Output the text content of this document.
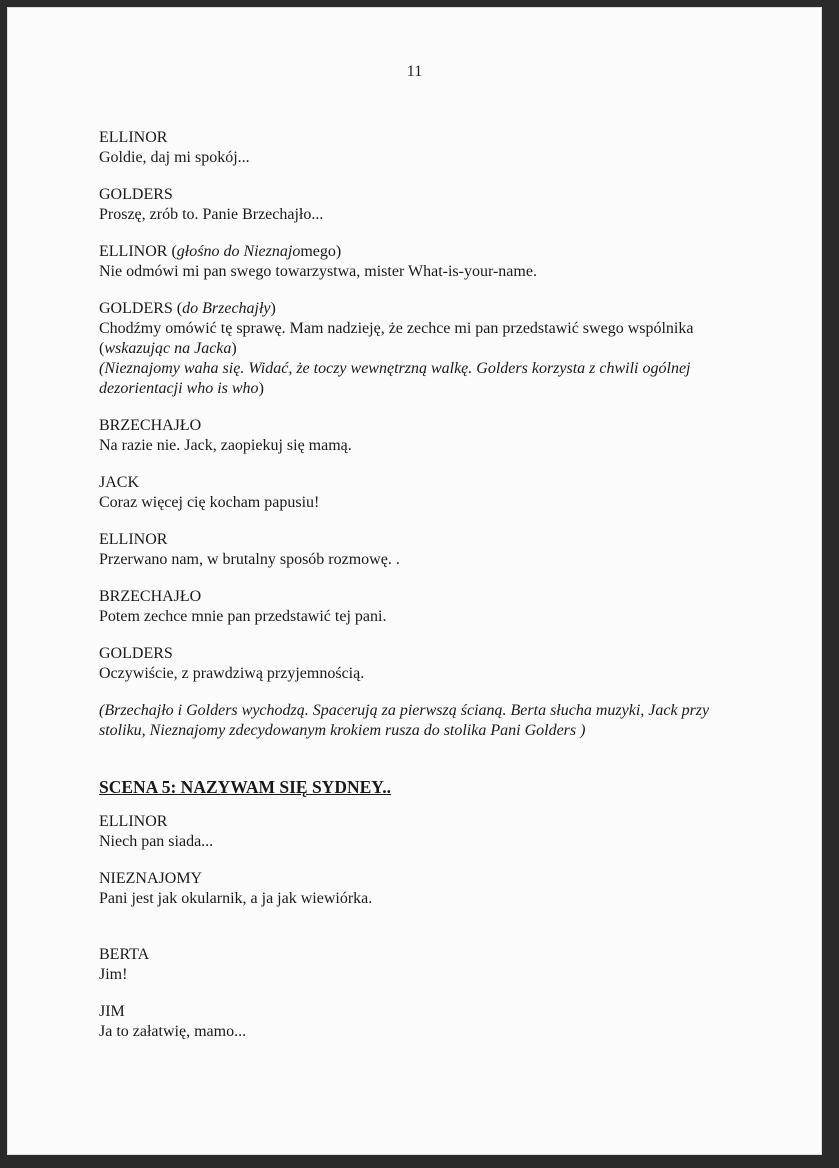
11

ELLINOR

Goldie, daj mi spokój...

GOLDERS

Proszę, zrób to. Panie Brzechajło...

ELLINOR (głośno do Nieznajomego)

Nie odmówi mi pan swego towarzystwa, mister What-is-your-name.

GOLDERS (do Brzechajły)

Chodźmy omówić tę sprawę. Mam nadzieję, że zechce mi pan przedstawić swego wspólnika

(wskazując na Jacka)

(Nieznajomy waha się. Widać, że toczy wewnętrzną walkę. Golders korzysta z chwili ogólnej dezorientacji who is who)

BRZECHAJŁO

Na razie nie. Jack, zaopiekuj się mamą.

JACK

Coraz więcej cię kocham papusiu!

ELLINOR

Przerwano nam, w brutalny sposób rozmowę. .

BRZECHAJŁO

Potem zechce mnie pan przedstawić tej pani.

GOLDERS

Oczywiście, z prawdziwą przyjemnością.

(Brzechajło i Golders wychodzą. Spacerują za pierwszą ścianą. Berta słucha muzyki, Jack przy stoliku, Nieznajomy zdecydowanym krokiem rusza do stolika Pani Golders )
SCENA 5: NAZYWAM SIĘ SYDNEY..

ELLINOR

Niech pan siada...

NIEZNAJOMY

Pani jest jak okularnik, a ja jak wiewiórka.

BERTA

Jim!

JIM

Ja to załatwię, mamo...
